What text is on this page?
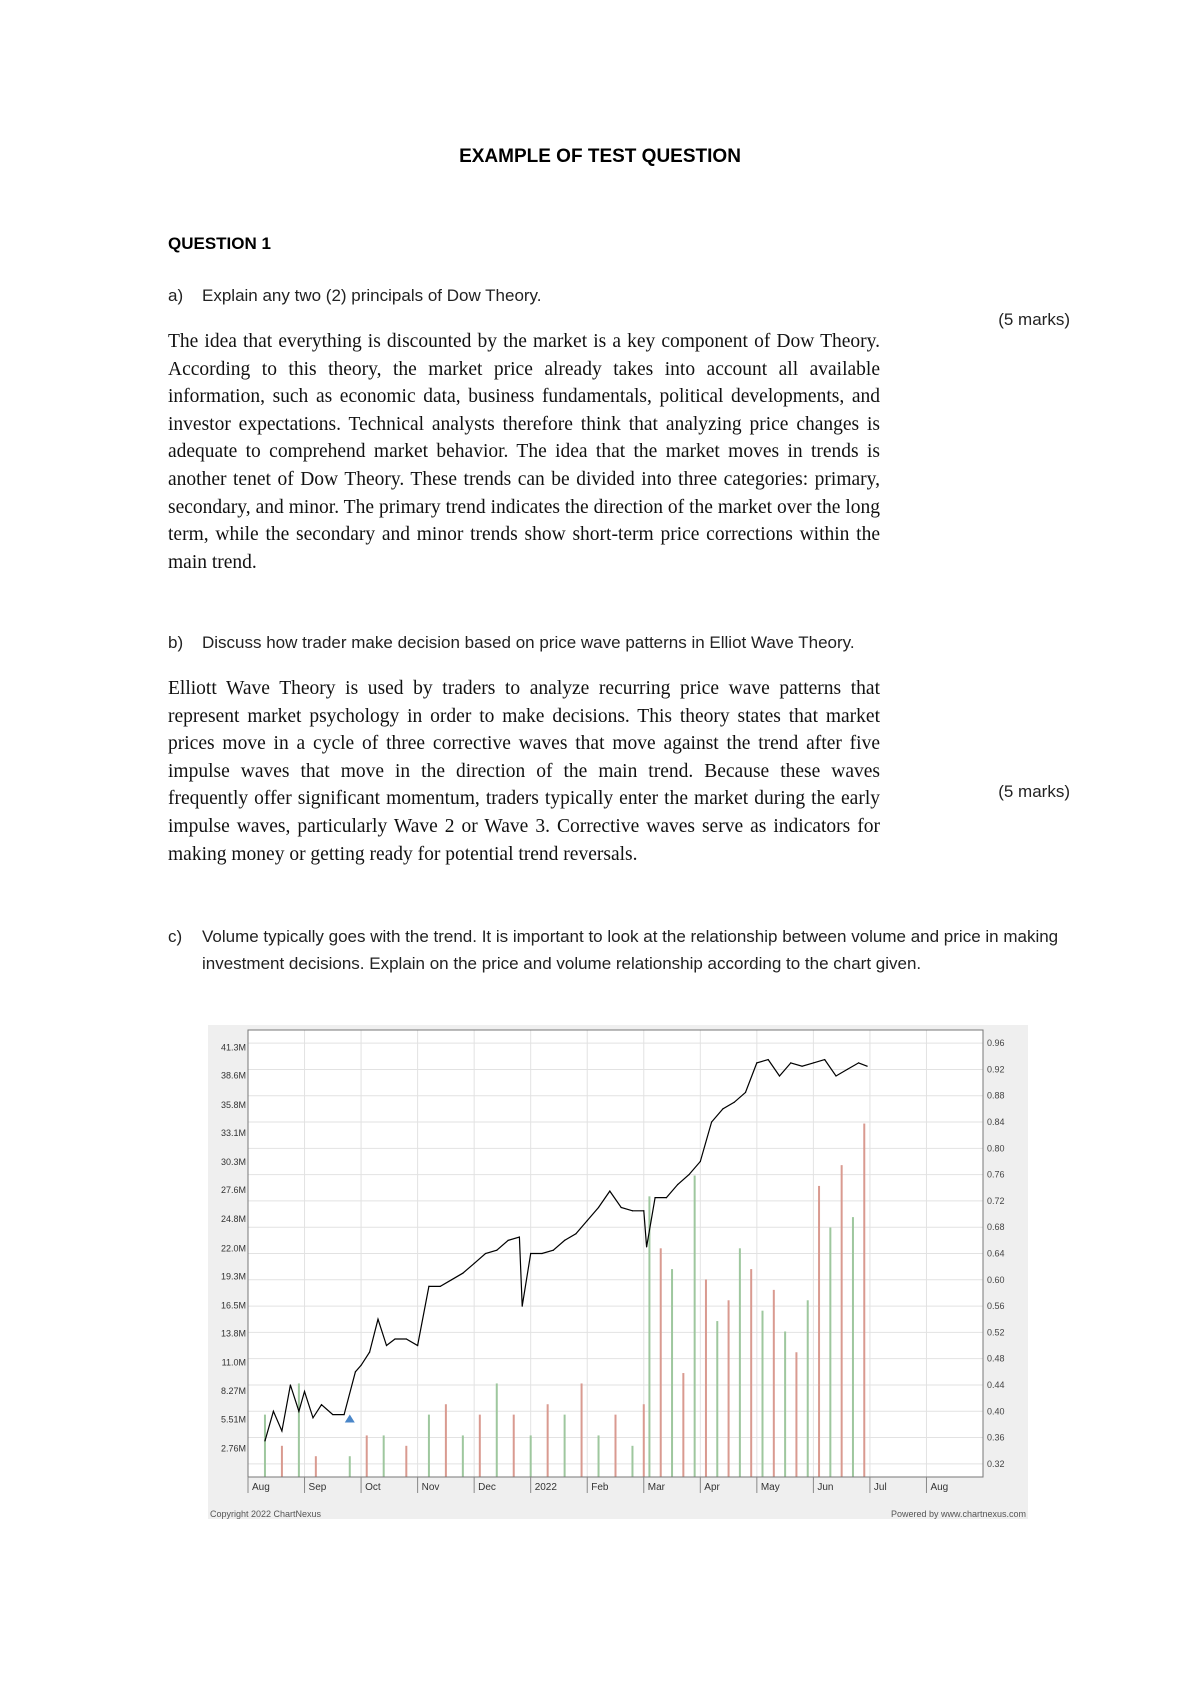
EXAMPLE OF TEST QUESTION
QUESTION 1
a)	Explain any two (2) principals of Dow Theory.
(5 marks)
The idea that everything is discounted by the market is a key component of Dow Theory. According to this theory, the market price already takes into account all available information, such as economic data, business fundamentals, political developments, and investor expectations. Technical analysts therefore think that analyzing price changes is adequate to comprehend market behavior. The idea that the market moves in trends is another tenet of Dow Theory. These trends can be divided into three categories: primary, secondary, and minor. The primary trend indicates the direction of the market over the long term, while the secondary and minor trends show short-term price corrections within the main trend.
b)	Discuss how trader make decision based on price wave patterns in Elliot Wave Theory.
Elliott Wave Theory is used by traders to analyze recurring price wave patterns that represent market psychology in order to make decisions. This theory states that market prices move in a cycle of three corrective waves that move against the trend after five impulse waves that move in the direction of the main trend. Because these waves frequently offer significant momentum, traders typically enter the market during the early impulse waves, particularly Wave 2 or Wave 3. Corrective waves serve as indicators for making money or getting ready for potential trend reversals.
(5 marks)
c) Volume typically goes with the trend. It is important to look at the relationship between volume and price in making investment decisions. Explain on the price and volume relationship according to the chart given.
Aug	Sep	Oct	Nov	Dec	2022	Feb	Mar	Apr	May	Jun	Jul	Aug
0.96
0.92
0.88
0.84
0.80
0.76
0.72
0.68
0.64
0.60
0.56
0.52
0.48
0.44
0.40
0.36
0.32
41.3M
38.6M
35.8M
33.1M
30.3M
27.6M
24.8M
22.0M
19.3M
16.5M
13.8M
11.0M
8.27M
5.51M
2.76M
Copyright 2022 ChartNexus	Powered by www.chartnexus.com
